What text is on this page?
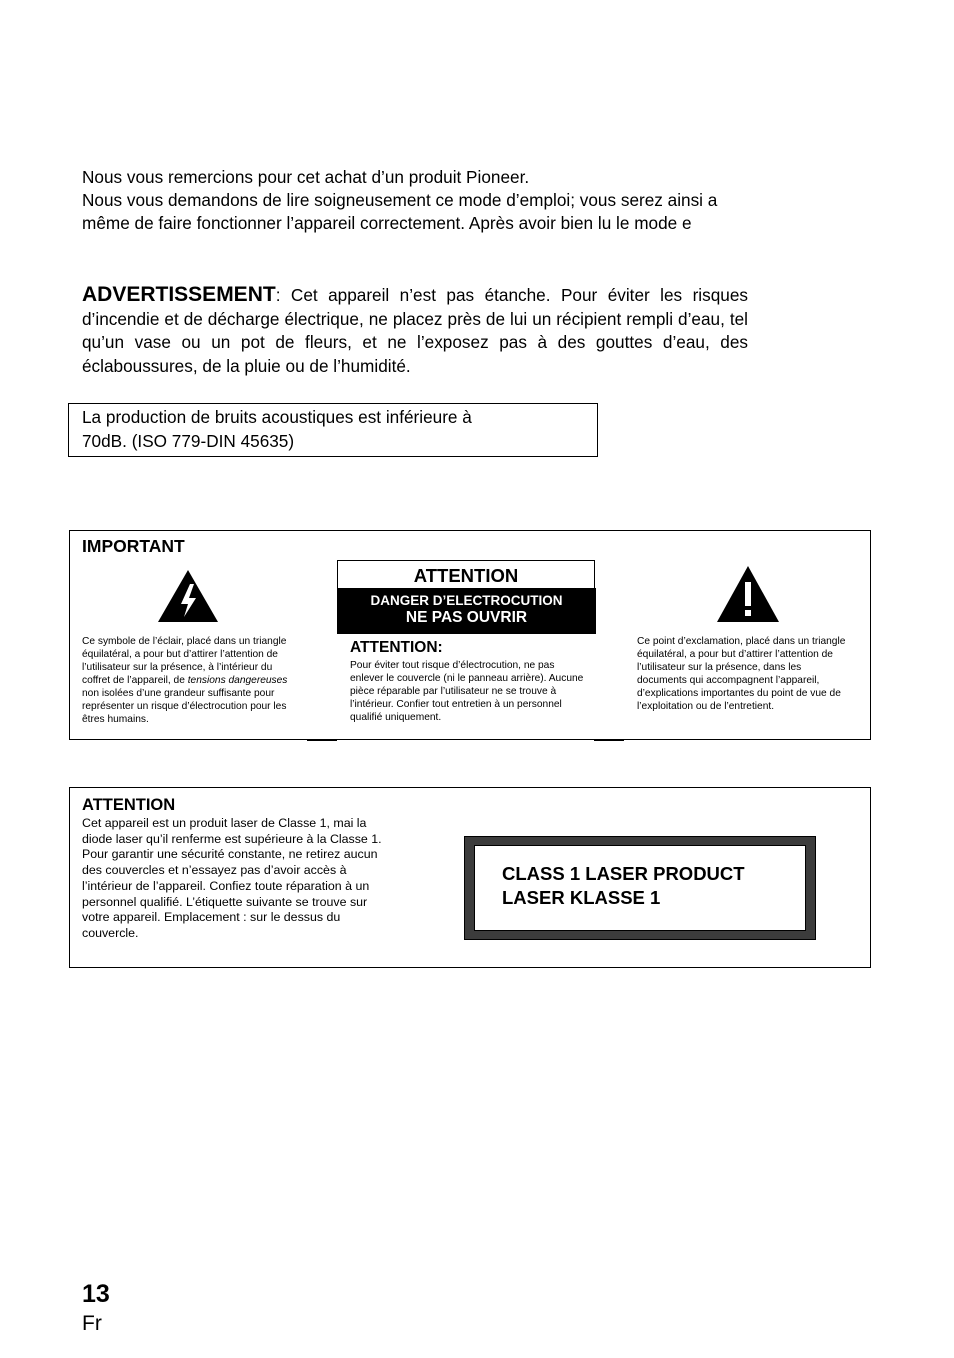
Nous vous remercions pour cet achat d’un produit Pioneer.
Nous vous demandons de lire soigneusement ce mode d’emploi; vous serez ainsi a
même de faire fonctionner l’appareil correctement. Après avoir bien lu le mode e
ADVERTISSEMENT: Cet appareil n’est pas étanche. Pour éviter les risques d’incendie et de décharge électrique, ne placez près de lui un récipient rempli d’eau, tel qu’un vase ou un pot de fleurs, et ne l’exposez pas à des gouttes d’eau, des éclaboussures, de la pluie ou de l’humidité.
La production de bruits acoustiques est inférieure à
70dB. (ISO 779-DIN 45635)
IMPORTANT
ATTENTION
DANGER D’ELECTROCUTION
NE PAS OUVRIR
Ce symbole de l’éclair, placé dans un triangle équilatéral, a pour but d’attirer l’attention de l’utilisateur sur la présence, à l’intérieur du coffret de l’appareil, de tensions dangereuses non isolées d’une grandeur suffisante pour représenter un risque d’électrocution pour les êtres humains.
ATTENTION:
Pour éviter tout risque d’électrocution, ne pas enlever le couvercle (ni le panneau arrière). Aucune pièce réparable par l’utilisateur ne se trouve à l’intérieur. Confier tout entretien à un personnel qualifié uniquement.
Ce point d’exclamation, placé dans un triangle équilatéral, a pour but d’attirer l’attention de l’utilisateur sur la présence, dans les documents qui accompagnent l’appareil, d’explications importantes du point de vue de l’exploitation ou de l’entretient.
ATTENTION
Cet appareil est un produit laser de Classe 1, mai la diode laser qu’il renferme est supérieure à la Classe 1. Pour garantir une sécurité constante, ne retirez aucun des couvercles et n’essayez pas d’avoir accès à l’intérieur de l’appareil. Confiez toute réparation à un personnel qualifié. L’étiquette suivante se trouve sur votre appareil. Emplacement : sur le dessus du couvercle.
CLASS 1 LASER PRODUCT
LASER KLASSE 1
13
Fr
